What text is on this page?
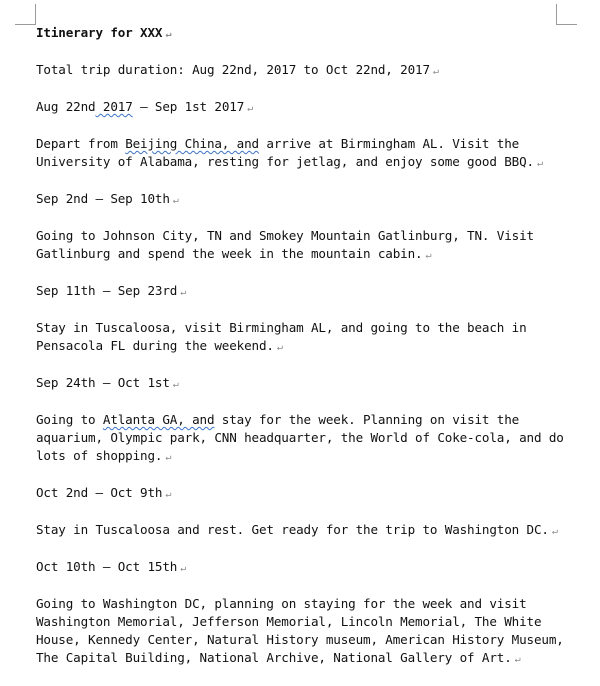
Itinerary for XXX ↵

Total trip duration: Aug 22nd, 2017 to Oct 22nd, 2017 ↵

Aug 22nd 2017 – Sep 1st 2017 ↵

Depart from Beijing China, and arrive at Birmingham AL. Visit the University of Alabama, resting for jetlag, and enjoy some good BBQ. ↵

Sep 2nd – Sep 10th ↵

Going to Johnson City, TN and Smokey Mountain Gatlinburg, TN. Visit Gatlinburg and spend the week in the mountain cabin. ↵

Sep 11th – Sep 23rd ↵

Stay in Tuscaloosa, visit Birmingham AL, and going to the beach in Pensacola FL during the weekend. ↵

Sep 24th – Oct 1st ↵

Going to Atlanta GA, and stay for the week. Planning on visit the aquarium, Olympic park, CNN headquarter, the World of Coke-cola, and do lots of shopping. ↵

Oct 2nd – Oct 9th ↵

Stay in Tuscaloosa and rest. Get ready for the trip to Washington DC. ↵

Oct 10th – Oct 15th ↵

Going to Washington DC, planning on staying for the week and visit Washington Memorial, Jefferson Memorial, Lincoln Memorial, The White House, Kennedy Center, Natural History museum, American History Museum, The Capital Building, National Archive, National Gallery of Art. ↵
